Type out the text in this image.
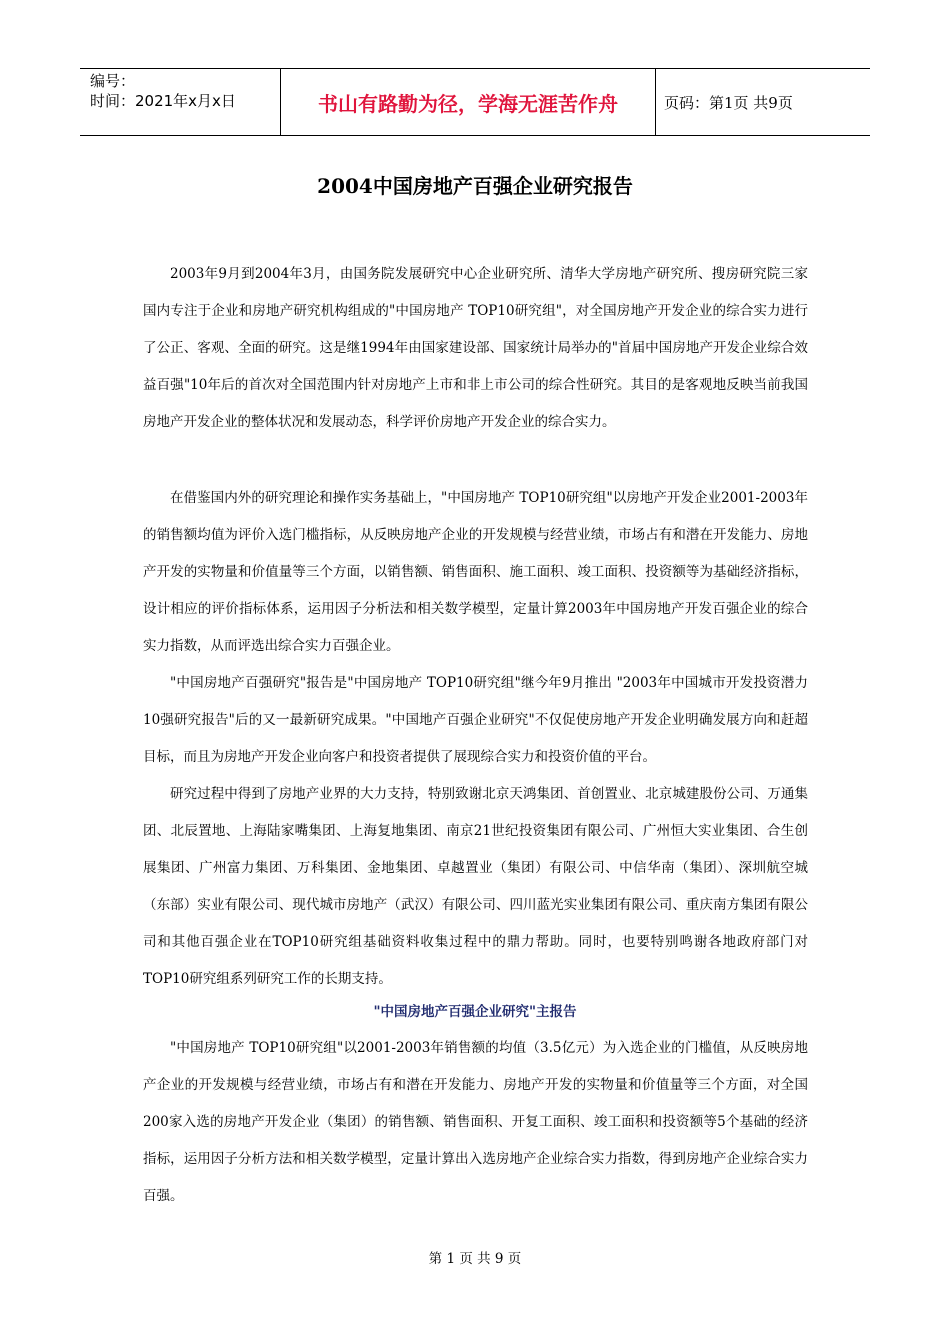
编号：
时间：2021年x月x日	书山有路勤为径，学海无涯苦作舟	页码：第1页 共9页
2004中国房地产百强企业研究报告

2003年9月到2004年3月，由国务院发展研究中心企业研究所、清华大学房地产研究所、搜房研究院三家国内专注于企业和房地产研究机构组成的"中国房地产 TOP10研究组"，对全国房地产开发企业的综合实力进行了公正、客观、全面的研究。这是继1994年由国家建设部、国家统计局举办的"首届中国房地产开发企业综合效益百强"10年后的首次对全国范围内针对房地产上市和非上市公司的综合性研究。其目的是客观地反映当前我国房地产开发企业的整体状况和发展动态，科学评价房地产开发企业的综合实力。

在借鉴国内外的研究理论和操作实务基础上，"中国房地产 TOP10研究组"以房地产开发企业2001-2003年的销售额均值为评价入选门槛指标，从反映房地产企业的开发规模与经营业绩，市场占有和潜在开发能力、房地产开发的实物量和价值量等三个方面，以销售额、销售面积、施工面积、竣工面积、投资额等为基础经济指标，设计相应的评价指标体系，运用因子分析法和相关数学模型，定量计算2003年中国房地产开发百强企业的综合实力指数，从而评选出综合实力百强企业。

"中国房地产百强研究"报告是"中国房地产 TOP10研究组"继今年9月推出 "2003年中国城市开发投资潜力10强研究报告"后的又一最新研究成果。"中国地产百强企业研究"不仅促使房地产开发企业明确发展方向和赶超目标，而且为房地产开发企业向客户和投资者提供了展现综合实力和投资价值的平台。

研究过程中得到了房地产业界的大力支持，特别致谢北京天鸿集团、首创置业、北京城建股份公司、万通集团、北辰置地、上海陆家嘴集团、上海复地集团、南京21世纪投资集团有限公司、广州恒大实业集团、合生创展集团、广州富力集团、万科集团、金地集团、卓越置业（集团）有限公司、中信华南（集团）、深圳航空城（东部）实业有限公司、现代城市房地产（武汉）有限公司、四川蓝光实业集团有限公司、重庆南方集团有限公司和其他百强企业在TOP10研究组基础资料收集过程中的鼎力帮助。同时，也要特别鸣谢各地政府部门对TOP10研究组系列研究工作的长期支持。

"中国房地产百强企业研究"主报告

"中国房地产 TOP10研究组"以2001-2003年销售额的均值（3.5亿元）为入选企业的门槛值，从反映房地产企业的开发规模与经营业绩，市场占有和潜在开发能力、房地产开发的实物量和价值量等三个方面，对全国200家入选的房地产开发企业（集团）的销售额、销售面积、开复工面积、竣工面积和投资额等5个基础的经济指标，运用因子分析方法和相关数学模型，定量计算出入选房地产企业综合实力指数，得到房地产企业综合实力百强。

第 1 页 共 9 页
